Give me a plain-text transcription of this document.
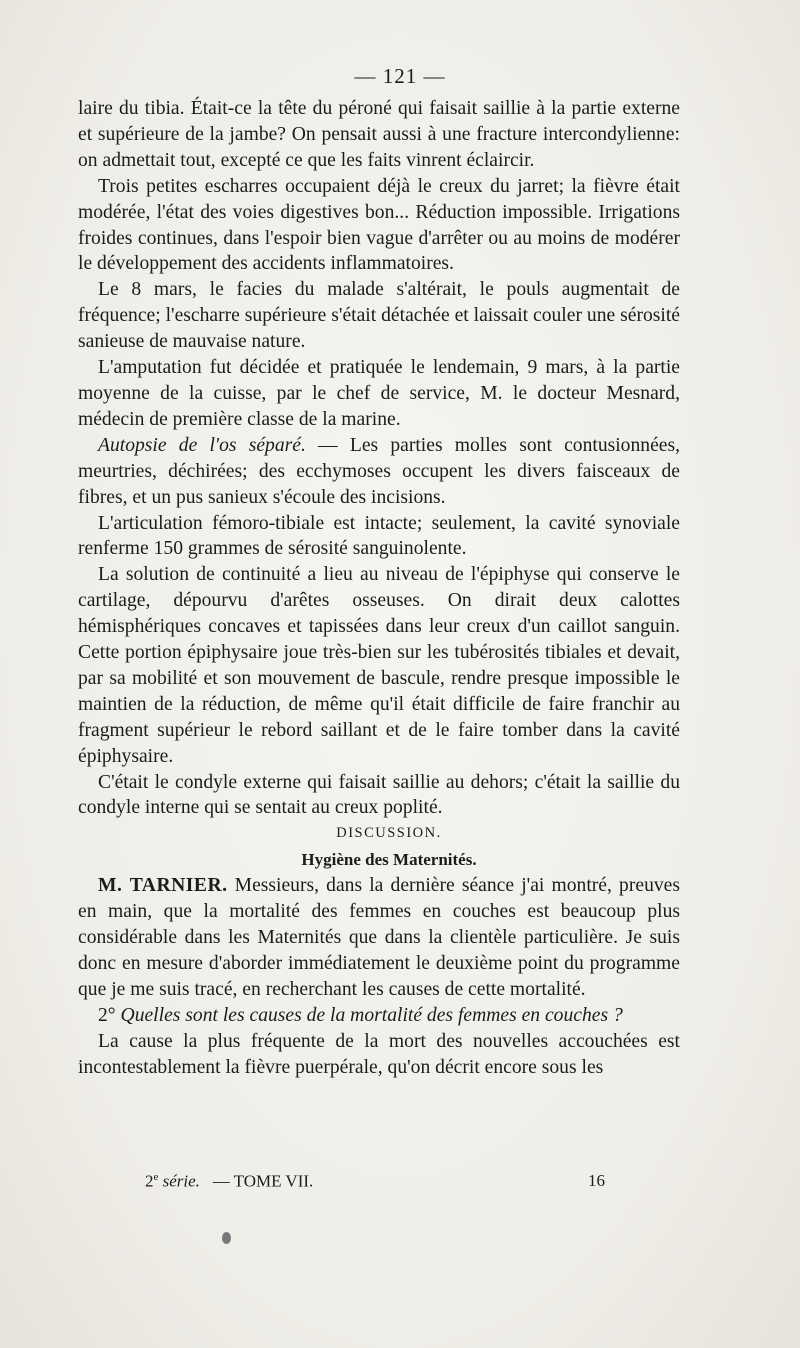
— 121 —

laire du tibia. Était-ce la tête du péroné qui faisait saillie à la partie externe et supérieure de la jambe? On pensait aussi à une fracture intercondylienne: on admettait tout, excepté ce que les faits vinrent éclaircir.

Trois petites escharres occupaient déjà le creux du jarret; la fièvre était modérée, l'état des voies digestives bon... Réduction impossible. Irrigations froides continues, dans l'espoir bien vague d'arrêter ou au moins de modérer le développement des accidents inflammatoires.

Le 8 mars, le facies du malade s'altérait, le pouls augmentait de fréquence; l'escharre supérieure s'était détachée et laissait couler une sérosité sanieuse de mauvaise nature.

L'amputation fut décidée et pratiquée le lendemain, 9 mars, à la partie moyenne de la cuisse, par le chef de service, M. le docteur Mesnard, médecin de première classe de la marine.

Autopsie de l'os séparé. — Les parties molles sont contusionnées, meurtries, déchirées; des ecchymoses occupent les divers faisceaux de fibres, et un pus sanieux s'écoule des incisions.

L'articulation fémoro-tibiale est intacte; seulement, la cavité synoviale renferme 150 grammes de sérosité sanguinolente.

La solution de continuité a lieu au niveau de l'épiphyse qui conserve le cartilage, dépourvu d'arêtes osseuses. On dirait deux calottes hémisphériques concaves et tapissées dans leur creux d'un caillot sanguin. Cette portion épiphysaire joue très-bien sur les tubérosités tibiales et devait, par sa mobilité et son mouvement de bascule, rendre presque impossible le maintien de la réduction, de même qu'il était difficile de faire franchir au fragment supérieur le rebord saillant et de le faire tomber dans la cavité épiphysaire.

C'était le condyle externe qui faisait saillie au dehors; c'était la saillie du condyle interne qui se sentait au creux poplité.

DISCUSSION.

Hygiène des Maternités.

M. TARNIER. Messieurs, dans la dernière séance j'ai montré, preuves en main, que la mortalité des femmes en couches est beaucoup plus considérable dans les Maternités que dans la clientèle particulière. Je suis donc en mesure d'aborder immédiatement le deuxième point du programme que je me suis tracé, en recherchant les causes de cette mortalité.

2° Quelles sont les causes de la mortalité des femmes en couches ?

La cause la plus fréquente de la mort des nouvelles accouchées est incontestablement la fièvre puerpérale, qu'on décrit encore sous les

2e série. — TOME VII.	16
